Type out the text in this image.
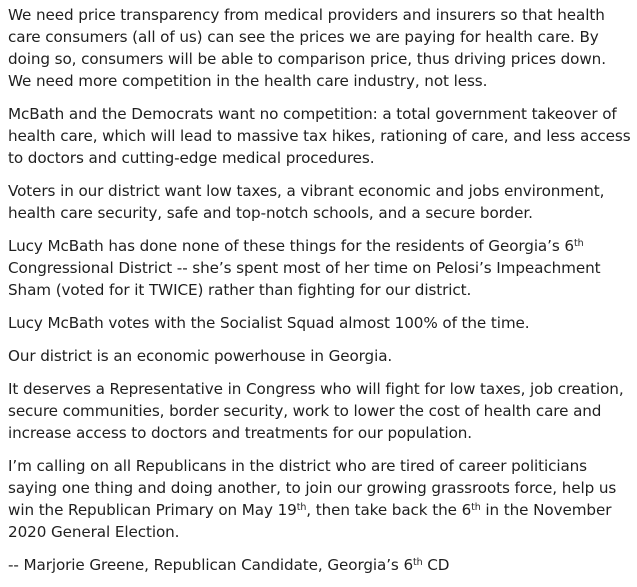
We need price transparency from medical providers and insurers so that health care consumers (all of us) can see the prices we are paying for health care. By doing so, consumers will be able to comparison price, thus driving prices down. We need more competition in the health care industry, not less.

McBath and the Democrats want no competition: a total government takeover of health care, which will lead to massive tax hikes, rationing of care, and less access to doctors and cutting-edge medical procedures.

Voters in our district want low taxes, a vibrant economic and jobs environment, health care security, safe and top-notch schools, and a secure border.

Lucy McBath has done none of these things for the residents of Georgia’s 6th Congressional District -- she’s spent most of her time on Pelosi’s Impeachment Sham (voted for it TWICE) rather than fighting for our district.

Lucy McBath votes with the Socialist Squad almost 100% of the time.

Our district is an economic powerhouse in Georgia.

It deserves a Representative in Congress who will fight for low taxes, job creation, secure communities, border security, work to lower the cost of health care and increase access to doctors and treatments for our population.

I’m calling on all Republicans in the district who are tired of career politicians saying one thing and doing another, to join our growing grassroots force, help us win the Republican Primary on May 19th, then take back the 6th in the November 2020 General Election.

-- Marjorie Greene, Republican Candidate, Georgia’s 6th CD
